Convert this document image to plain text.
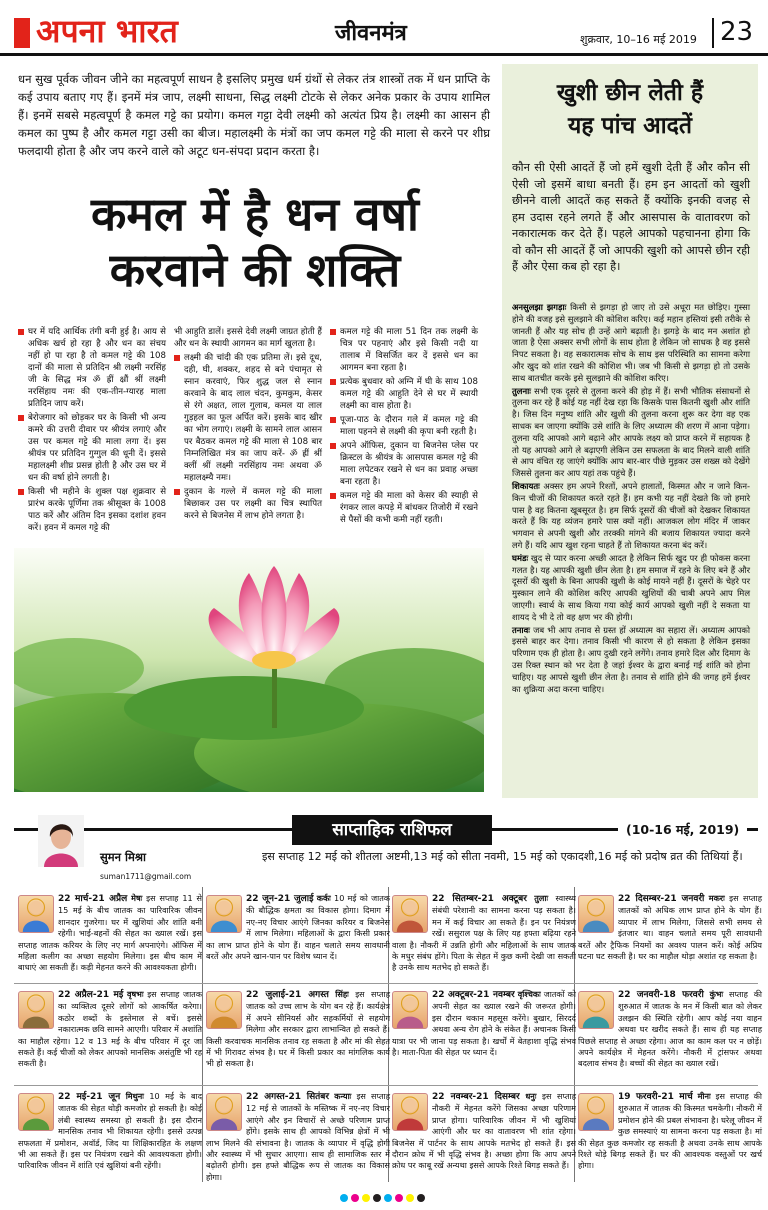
अपना भारत	जीवनमंत्र	शुक्रवार, 10–16 मई 2019 23
धन सुख पूर्वक जीवन जीने का महत्वपूर्ण साधन है इसलिए प्रमुख धर्म ग्रंथों से लेकर तंत्र शास्त्रों तक में धन प्राप्ति के कई उपाय बताए गए हैं। इनमें मंत्र जाप, लक्ष्मी साधना, सिद्ध लक्ष्मी टोटके से लेकर अनेक प्रकार के उपाय शामिल हैं। इनमें सबसे महत्वपूर्ण है कमल गट्टे का प्रयोग। कमल गट्टा देवी लक्ष्मी को अत्यंत प्रिय है। लक्ष्मी का आसन ही कमल का पुष्प है और कमल गट्टा उसी का बीज। महालक्ष्मी के मंत्रों का जप कमल गट्टे की माला से करने पर शीघ्र फलदायी होता है और जप करने वाले को अटूट धन-संपदा प्रदान करता है।
कमल में है धन वर्षा
करवाने की शक्ति

घर में यदि आर्थिक तंगी बनी हुई है। आय से अधिक खर्च हो रहा है और धन का संचय नहीं हो पा रहा है तो कमल गट्टे की 108 दानों की माला से प्रतिदिन श्री लक्ष्मी नरसिंह जी के सिद्ध मंत्र ॐ ह्रीं क्ष्रौं श्रीं लक्ष्मी नरसिंहाय नमः की एक-तीन-ग्यारह माला प्रतिदिन जाप करें।

बेरोजगार को छोड़कर घर के किसी भी अन्य कमरे की उत्तरी दीवार पर श्रीयंत्र लगाएं और उस पर कमल गट्टे की माला लगा दें। इस श्रीयंत्र पर प्रतिदिन गुग्गुल की धूनी दें। इससे महालक्ष्मी शीघ्र प्रसन्न होती है और उस घर में धन की वर्षा होने लगती है।

किसी भी महीने के शुक्ल पक्ष शुक्रवार से प्रारंभ करके पूर्णिमा तक श्रीसूक्त के 1008 पाठ करें और अंतिम दिन इसका दशांश हवन करें। हवन में कमल गट्टे की

भी आहुति डालें। इससे देवी लक्ष्मी जाग्रत होती हैं और धन के स्थायी आगमन का मार्ग खुलता है।

लक्ष्मी की चांदी की एक प्रतिमा लें। इसे दूध, दही, घी, शक्कर, शहद से बने पंचामृत से स्नान करवाएं, फिर शुद्ध जल से स्नान करवाने के बाद लाल चंदन, कुमकुम, केसर से रंगे अक्षत, लाल गुलाब, कमल या लाल गुड़हल का फूल अर्पित करें। इसके बाद खीर का भोग लगाएं। लक्ष्मी के सामने लाल आसन पर बैठकर कमल गट्टे की माला से 108 बार निम्नलिखित मंत्र का जाप करें- ॐ ह्रीं श्रीं क्लीं श्रीं लक्ष्मी नरसिंहाय नमः अथवा ॐ महालक्ष्म्यै नमः।

दुकान के गल्ले में कमल गट्टे की माला बिछाकर उस पर लक्ष्मी का चित्र स्थापित करने से बिजनेस में लाभ होने लगता है।

कमल गट्टे की माला 51 दिन तक लक्ष्मी के चित्र पर पहनाएं और इसे किसी नदी या तालाब में विसर्जित कर दें इससे धन का आगमन बना रहता है।

प्रत्येक बुधवार को अग्नि में घी के साथ 108 कमल गट्टे की आहुति देने से घर में स्थायी लक्ष्मी का वास होता है।

पूजा-पाठ के दौरान गले में कमल गट्टे की माला पहनने से लक्ष्मी की कृपा बनी रहती है।

अपने ऑफिस, दुकान या बिजनेस प्लेस पर क्रिस्टल के श्रीयंत्र के आसपास कमल गट्टे की माला लपेटकर रखने से धन का प्रवाह अच्छा बना रहता है।

कमल गट्टे की माला को केसर की स्याही से रंगकर लाल कपड़े में बांधकर तिजोरी में रखने से पैसों की कभी कमी नहीं रहती।

खुशी छीन लेती हैं
यह पांच आदतें
कौन सी ऐसी आदतें हैं जो हमें खुशी देती हैं और कौन सी ऐसी जो इसमें बाधा बनती हैं। हम इन आदतों को खुशी छीनने वाली आदतें कह सकते हैं क्योंकि इनकी वजह से हम उदास रहने लगते हैं और आसपास के वातावरण को नकारात्मक कर देते हैं। पहले आपको पहचानना होगा कि वो कौन सी आदतें हैं जो आपकी खुशी को आपसे छीन रही हैं और ऐसा कब हो रहा है।

अनसुलझा झगड़ाः किसी से झगड़ा हो जाए तो उसे अधूरा मत छोड़िए। गुस्सा होने की वजह इसे सुलझाने की कोशिश करिए। कई महान हस्तियां इसी तरीके से जानती हैं और यह सोच ही उन्हें आगे बढ़ाती है। झगड़े के बाद मन अशांत हो जाता है ऐसा अक्सर सभी लोगों के साथ होता है लेकिन जो साधक है वह इससे निपट सकता है। वह सकारात्मक सोच के साथ इस परिस्थिति का सामना करेगा और खुद को शांत रखने की कोशिश भी। जब भी किसी से झगड़ा हो तो उसके साथ बातचीत करके इसे सुलझाने की कोशिश करिए।

तुलनाः सभी एक दूसरे से तुलना करने की होड़ में हैं। सभी भौतिक संसाधनों से तुलना कर रहे हैं कोई यह नहीं देख रहा कि किसके पास कितनी खुशी और शांति है। जिस दिन मनुष्य शांति और खुशी की तुलना करना शुरू कर देगा वह एक साधक बन जाएगा क्योंकि उसे शांति के लिए अध्यात्म की शरण में आना पड़ेगा। तुलना यदि आपको आगे बढ़ाने और आपके लक्ष्य को प्राप्त करने में सहायक है तो यह आपको आगे ले बढ़ाएगी लेकिन उस सफलता के बाद मिलने वाली शांति से आप वंचित रह जाएंगे क्योंकि आप बार-बार पीछे मुड़कर उस शख्स को देखेंगे जिससे तुलना कर आप यहां तक पहुंचे हैं।

शिकायतः अक्सर हम अपने रिश्तों, अपने हालातों, किस्मत और न जाने किन-किन चीजों की शिकायत करते रहते हैं। हम कभी यह नहीं देखते कि जो हमारे पास है वह कितना खूबसूरत है। हम सिर्फ दूसरों की चीजों को देखकर शिकायत करते हैं कि यह व्यंजन हमारे पास क्यों नहीं। आजकल लोग मंदिर में जाकर भगवान से अपनी खुशी और तरक्की मांगने की बजाय शिकायत ज्यादा करने लगे हैं। यदि आप खुश रहना चाहते हैं तो शिकायत करना बंद करें।

घमंडः खुद से प्यार करना अच्छी आदत है लेकिन सिर्फ खुद पर ही फोकस करना गलत है। यह आपकी खुशी छीन लेता है। हम समाज में रहने के लिए बने हैं और दूसरों की खुशी के बिना आपकी खुशी के कोई मायने नहीं हैं। दूसरों के चेहरे पर मुस्कान लाने की कोशिश करिए आपकी खुशियों की चाबी अपने आप मिल जाएगी। स्वार्थ के साथ किया गया कोई कार्य आपको खुशी नहीं दे सकता या शायद दे भी दे तो वह क्षण भर की होगी।

तनावः जब भी आप तनाव से ग्रस्त हों अध्यात्म का सहारा लें। अध्यात्म आपको इससे बाहर कर देगा। तनाव किसी भी कारण से हो सकता है लेकिन इसका परिणाम एक ही होता है। आप दुखी रहने लगेंगे। तनाव हमारे दिल और दिमाग के उस रिक्त स्थान को भर देता है जहां ईश्वर के द्वारा बनाई गई शांति को होना चाहिए। यह आपसे खुशी छीन लेता है। तनाव से शांति होने की जगह हमें ईश्वर का शुक्रिया अदा करना चाहिए।

साप्ताहिक राशिफल	(10-16 मई, 2019)
सुमन मिश्रा
suman1711@gmail.com
इस सप्ताह 12 मई को शीतला अष्टमी,13 मई को सीता नवमी, 15 मई को एकादशी,16 मई को प्रदोष व्रत की तिथियां हैं।
22 मार्च-21 अप्रैल मेषः इस सप्ताह 11 से 15 मई के बीच जातक का पारिवारिक जीवन शानदार गुजरेगा। घर में खुशियां और शांति बनी रहेगी। भाई-बहनों की सेहत का ख्याल रखें। इस सप्ताह जातक करियर के लिए नए मार्ग अपनाएंगे। ऑफिस में महिला कलीग का अच्छा सहयोग मिलेगा। इस बीच काम में बाधाएं आ सकती हैं। कड़ी मेहनत करने की आवश्यकता होगी।
22 अप्रैल-21 मई वृषभः इस सप्ताह जातक का व्यक्तित्व दूसरे लोगों को आकर्षित करेगा। कठोर शब्दों के इस्तेमाल से बचें। इससे नकारात्मक छवि सामने आएगी। परिवार में अशांति का माहौल रहेगा। 12 व 13 मई के बीच परिवार में दूर जा सकते हैं। कई चीजों को लेकर आपको मानसिक असंतुष्टि भी रह सकती है।
22 मई-21 जून मिथुनः 10 मई के बाद जातक की सेहत थोड़ी कमजोर हो सकती है। कोई लंबी स्वास्थ्य समस्या हो सकती है। इस दौरान मानसिक तनाव भी शिकायत रहेगी। इससे उत्पन्न सफलता में प्रमोशन, अवॉर्ड, जिद या शिक्षिकारहित के लक्षण भी आ सकते हैं। इस पर नियंत्रण रखने की आवश्यकता होगी। पारिवारिक जीवन में शांति एवं खुशियां बनी रहेंगी।
22 जून-21 जुलाई कर्कः 10 मई को जातक की बौद्धिक क्षमता का विकास होगा। दिमाग में नए-नए विचार आएंगे जिनका करियर व बिजनेस में लाभ मिलेगा। महिलाओं के द्वारा किसी प्रकार का लाभ प्राप्त होने के योग हैं। वाहन चलाते समय सावधानी बरतें और अपने खान-पान पर विशेष ध्यान दें।
22 जुलाई-21 अगस्त सिंहः इस सप्ताह जातक को उच्च लाभ के योग बन रहे हैं। कार्यक्षेत्र में अपने सीनियर्स और सहकर्मियों से सहयोग मिलेगा और सरकार द्वारा लाभान्वित हो सकते हैं। किसी करवाचक मानसिक तनाव रह सकता है और मां की सेहत में भी गिरावट संभव है। घर में किसी प्रकार का मांगलिक कार्य भी हो सकता है।
22 अगस्त-21 सितंबर कन्याः इस सप्ताह 12 मई से जातकों के मस्तिष्क में नए-नए विचार आएंगे और इन विचारों से अच्छे परिणाम प्राप्त होंगे। इसके साथ ही आपको विभिन्न क्षेत्रों में भी लाभ मिलने की संभावना है। जातक के व्यापार में वृद्धि होगी और स्वास्थ्य में भी सुधार आएगा। साथ ही सामाजिक स्तर में बढ़ोतरी होगी। इस हफ्ते बौद्धिक रूप से जातक का विकास होगा।
22 सितम्बर-21 अक्टूबर तुलाः स्वास्थ्य संबंधी परेशानी का सामना करना पड़ सकता है। मन में कई विचार आ सकते हैं। इन पर नियंत्रण रखें। ससुराल पक्ष के लिए यह हफ्ता बढ़िया रहने वाला है। नौकरी में उन्नति होगी और महिलाओं के साथ जातक के मधुर संबंध होंगे। पिता के सेहत में कुछ कमी देखी जा सकती है उनके साथ मतभेद हो सकते हैं।
22 अक्टूबर-21 नवम्बर वृश्चिकः जातकों को अपनी सेहत का ख्याल रखने की जरूरत होगी। इस दौरान थकान महसूस करेंगे। बुखार, सिरदर्द अथवा अन्य रोग होने के संकेत हैं। अचानक किसी यात्रा पर भी जाना पड़ सकता है। खर्चों में बेतहाशा वृद्धि संभव है। माता-पिता की सेहत पर ध्यान दें।
22 नवम्बर-21 दिसम्बर धनुः इस सप्ताह नौकरी में मेहनत करेंगे जिसका अच्छा परिणाम प्राप्त होगा। पारिवारिक जीवन में भी खुशियां आएंगी और घर का वातावरण भी शांत रहेगा। बिजनेस में पार्टनर के साथ आपके मतभेद हो सकते हैं। इस दौरान क्रोध में भी वृद्धि संभव है। अच्छा होगा कि आप अपने क्रोध पर काबू रखें अन्यथा इससे आपके रिश्ते बिगड़ सकते हैं।
22 दिसम्बर-21 जनवरी मकरः इस सप्ताह जातकों को अधिक लाभ प्राप्त होने के योग हैं। व्यापार में लाभ मिलेगा, जिससे सभी समय से इंतजार था। वाहन चलाते समय पूरी सावधानी बरतें और ट्रैफिक नियमों का अवश्य पालन करें। कोई अप्रिय घटना घट सकती है। घर का माहौल थोड़ा अशांत रह सकता है।
22 जनवरी-18 फरवरी कुंभः सप्ताह की शुरुआत में जातक के मन में किसी बात को लेकर उलझन की स्थिति रहेगी। आप कोई नया वाहन अथवा घर खरीद सकते हैं। साथ ही यह सप्ताह पिछले सप्ताह से अच्छा रहेगा। आज का काम कल पर न छोड़ें। अपने कार्यक्षेत्र में मेहनत करेंगे। नौकरी में ट्रांसफर अथवा बदलाव संभव है। बच्चों की सेहत का ख्याल रखें।
19 फरवरी-21 मार्च मीनः इस सप्ताह की शुरुआत में जातक की किस्मत चमकेगी। नौकरी में प्रमोशन होने की प्रबल संभावना है। घरेलू जीवन में कुछ समस्याएं या सामना करना पड़ सकता है। मां की सेहत कुछ कमजोर रह सकती है अथवा उनके साथ आपके रिश्ते थोड़े बिगड़ सकते हैं। घर की आवश्यक वस्तुओं पर खर्च होगा।
